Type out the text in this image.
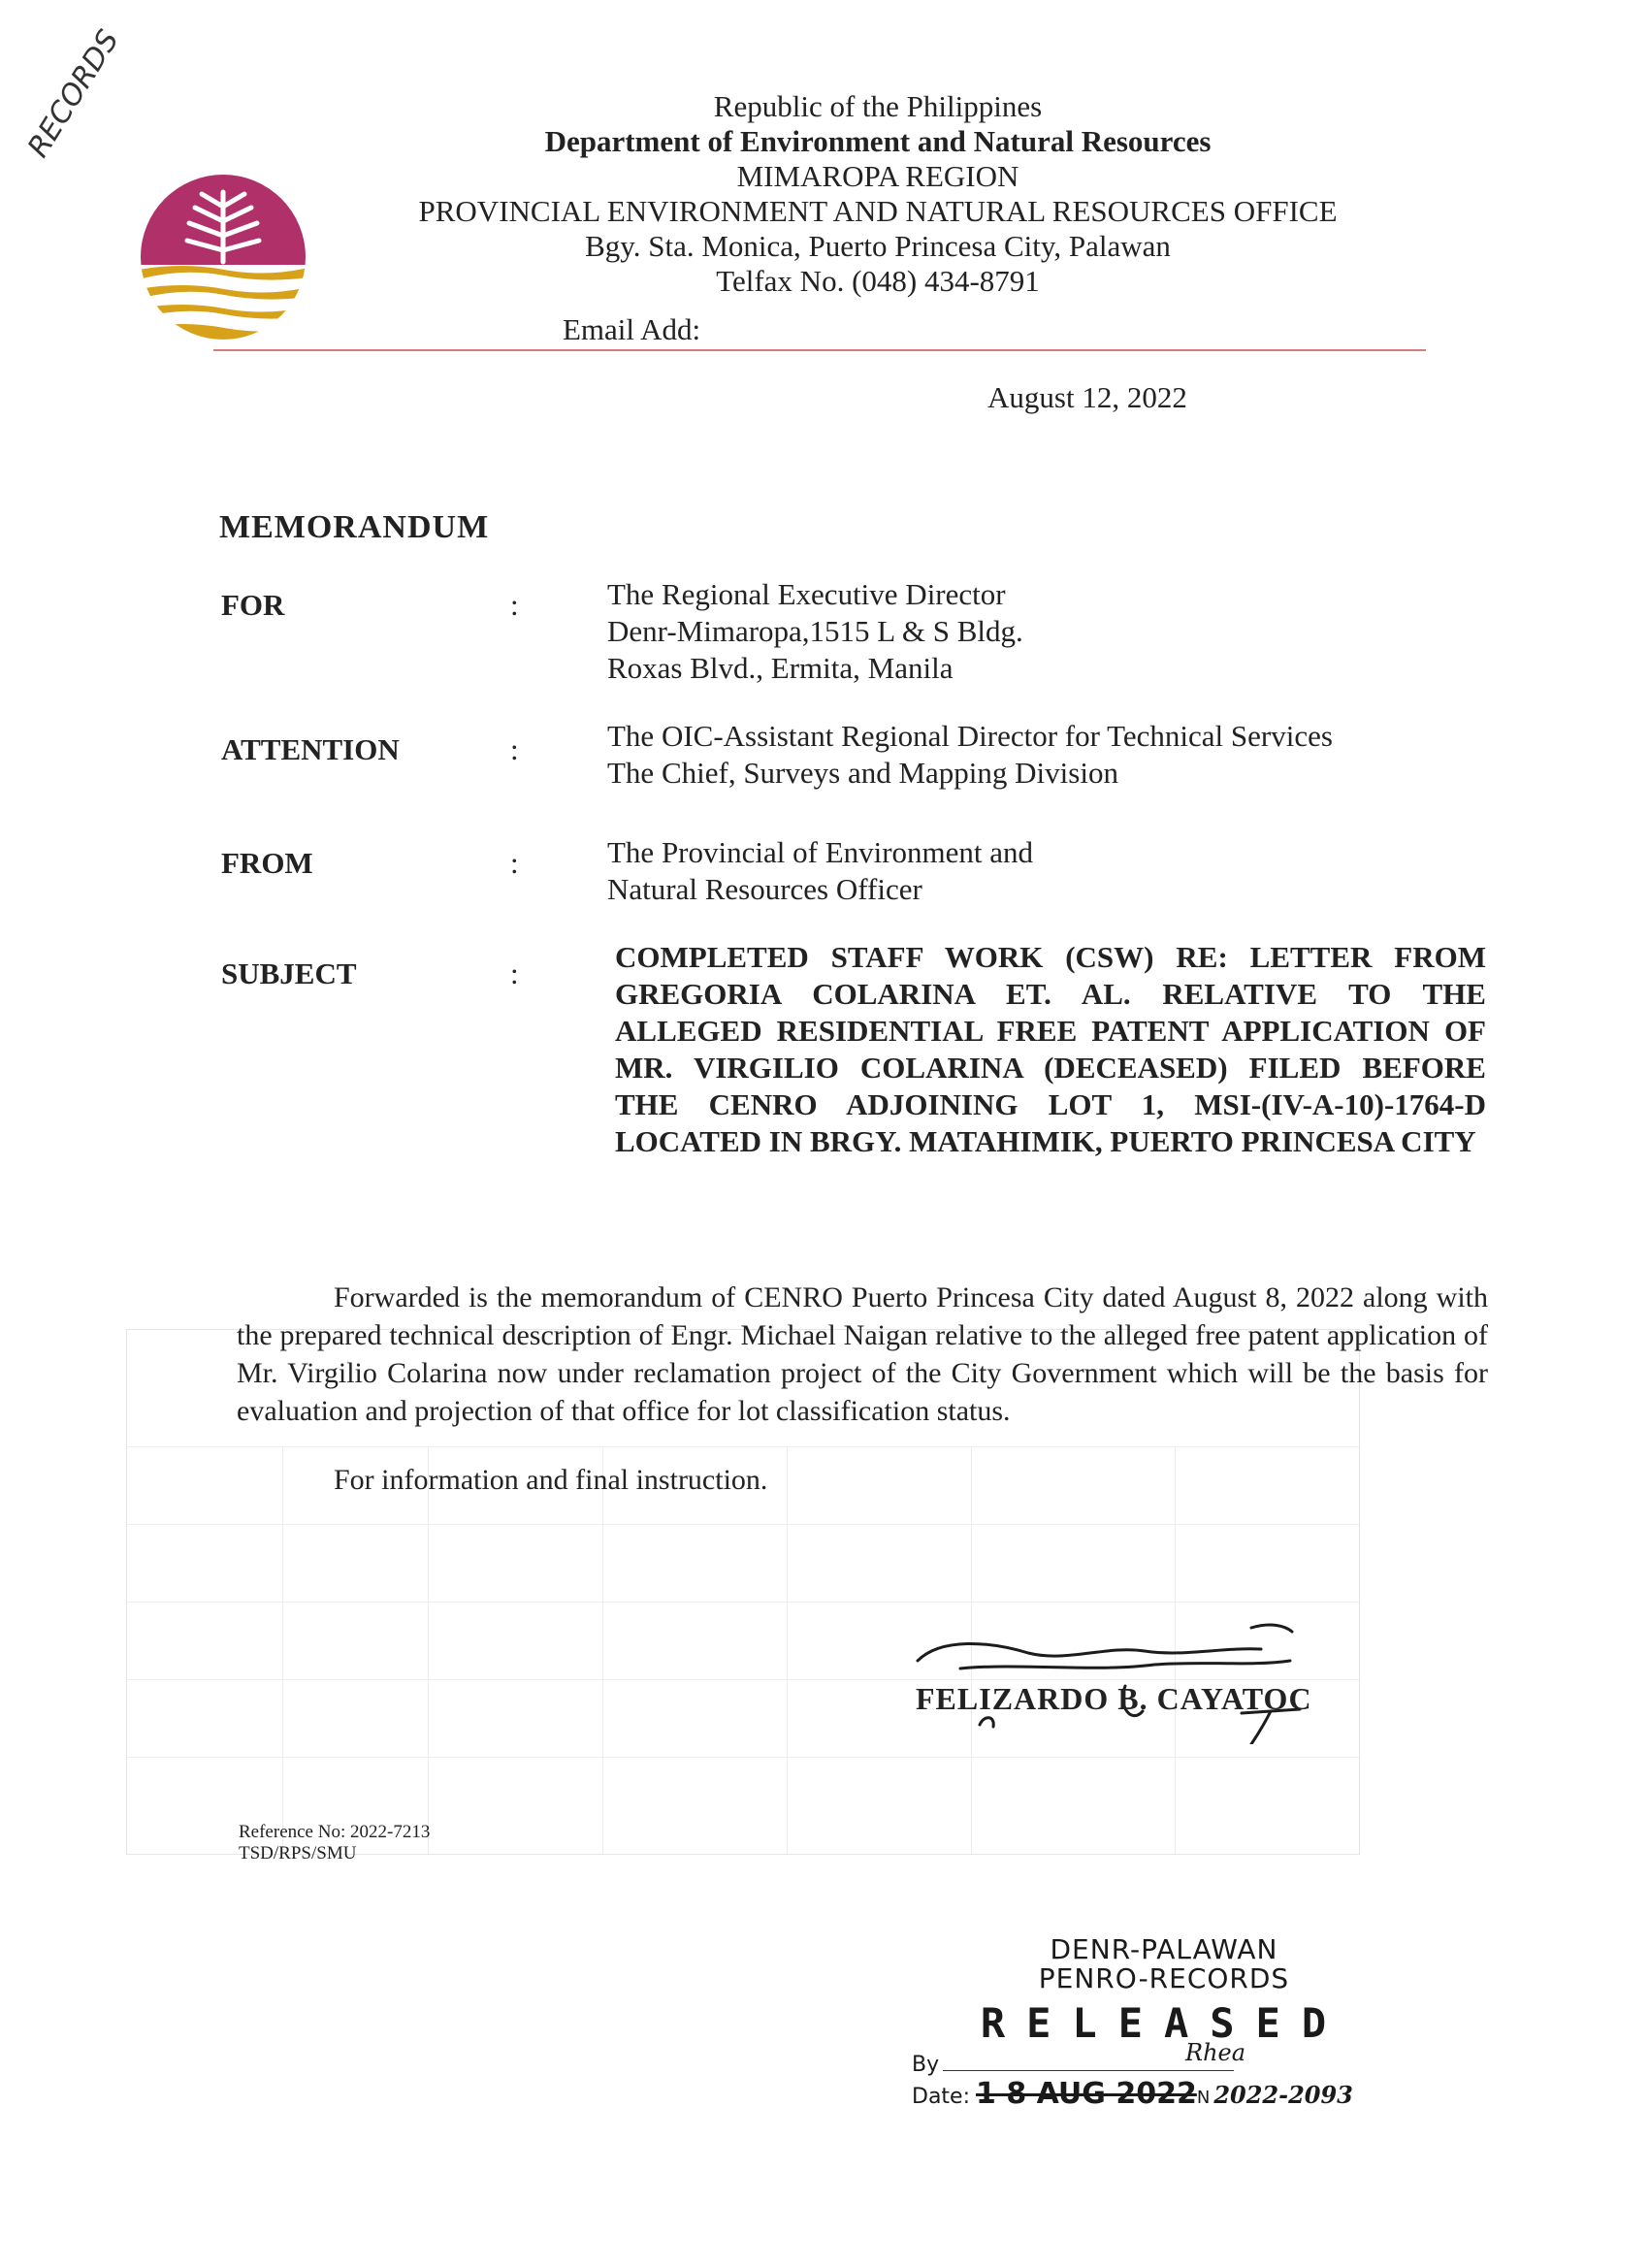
RECORDS	Republic of the Philippines
Department of Environment and Natural Resources
MIMAROPA REGION
PROVINCIAL ENVIRONMENT AND NATURAL RESOURCES OFFICE
Bgy. Sta. Monica, Puerto Princesa City, Palawan
Telfax No. (048) 434-8791
Email Add:
August 12, 2022
MEMORANDUM
FOR	:	The Regional Executive Director
Denr-Mimaropa,1515 L & S Bldg.
Roxas Blvd., Ermita, Manila
ATTENTION	:	The OIC-Assistant Regional Director for Technical Services
The Chief, Surveys and Mapping Division
FROM	:	The Provincial of Environment and
Natural Resources Officer
SUBJECT	:	COMPLETED STAFF WORK (CSW) RE: LETTER FROM GREGORIA COLARINA ET. AL. RELATIVE TO THE ALLEGED RESIDENTIAL FREE PATENT APPLICATION OF MR. VIRGILIO COLARINA (DECEASED) FILED BEFORE THE CENRO ADJOINING LOT 1, MSI-(IV-A-10)-1764-D LOCATED IN BRGY. MATAHIMIK, PUERTO PRINCESA CITY
Forwarded is the memorandum of CENRO Puerto Princesa City dated August 8, 2022 along with the prepared technical description of Engr. Michael Naigan relative to the alleged free patent application of Mr. Virgilio Colarina now under reclamation project of the City Government which will be the basis for evaluation and projection of that office for lot classification status.
For information and final instruction.
FELIZARDO B. CAYATOC
Reference No: 2022-7213
TSD/RPS/SMU
DENR-PALAWAN
PENRO-RECORDS
RELEASED
By	Rhea
Date: 1 8 AUG 2022N 2022-2093
